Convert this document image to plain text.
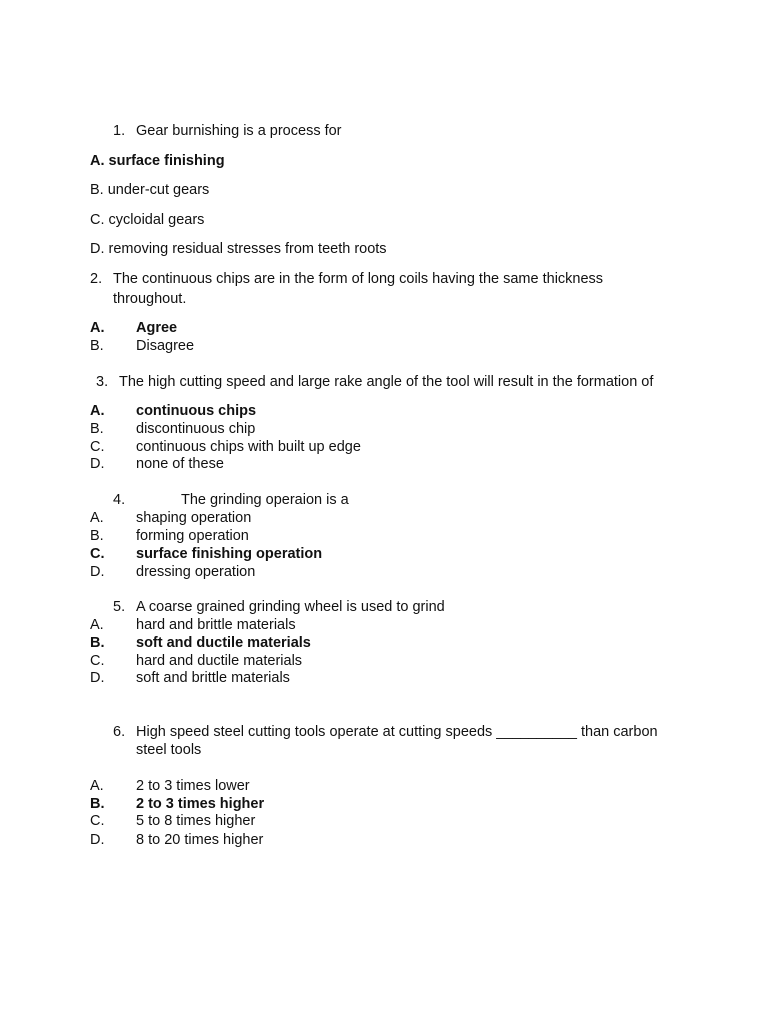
1. Gear burnishing is a process for
A. surface finishing
B. under-cut gears
C. cycloidal gears
D. removing residual stresses from teeth roots
2. The continuous chips are in the form of long coils having the same thickness
throughout.
A. Agree
B. Disagree
3. The high cutting speed and large rake angle of the tool will result in the formation of
A. continuous chips
B. discontinuous chip
C. continuous chips with built up edge
D. none of these
4.	The grinding operaion is a
A. shaping operation
B. forming operation
C. surface finishing operation
D. dressing operation
5. A coarse grained grinding wheel is used to grind
A. hard and brittle materials
B. soft and ductile materials
C. hard and ductile materials
D. soft and brittle materials
6. High speed steel cutting tools operate at cutting speeds __________ than carbon
steel tools
A. 2 to 3 times lower
B. 2 to 3 times higher
C. 5 to 8 times higher
D. 8 to 20 times higher
